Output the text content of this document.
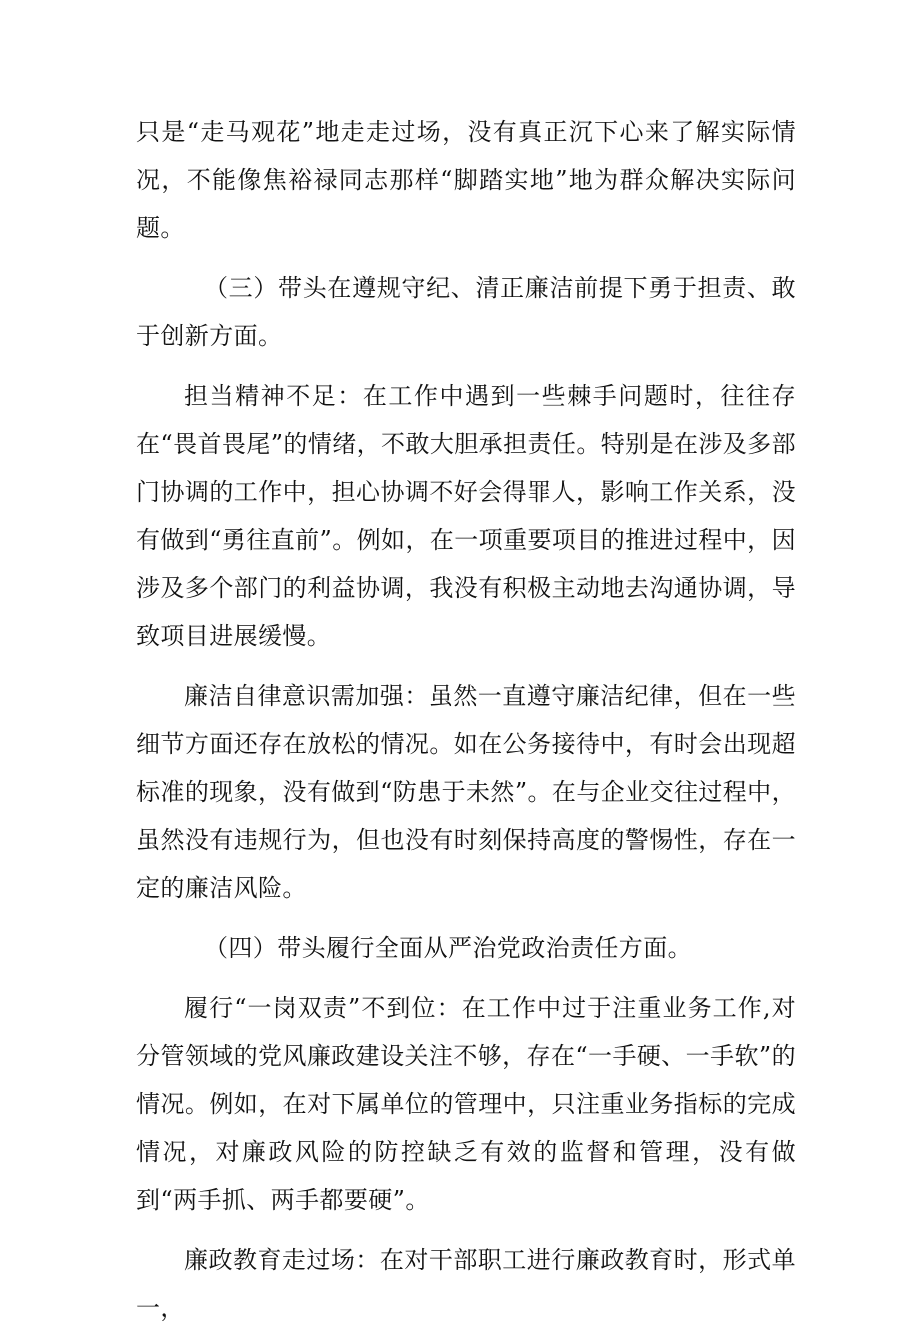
只是“走马观花”地走走过场，没有真正沉下心来了解实际情况，不能像焦裕禄同志那样“脚踏实地”地为群众解决实际问题。

（三）带头在遵规守纪、清正廉洁前提下勇于担责、敢于创新方面。

担当精神不足：在工作中遇到一些棘手问题时，往往存在“畏首畏尾”的情绪，不敢大胆承担责任。特别是在涉及多部门协调的工作中，担心协调不好会得罪人，影响工作关系，没有做到“勇往直前”。例如，在一项重要项目的推进过程中，因涉及多个部门的利益协调，我没有积极主动地去沟通协调，导致项目进展缓慢。

廉洁自律意识需加强：虽然一直遵守廉洁纪律，但在一些细节方面还存在放松的情况。如在公务接待中，有时会出现超标准的现象，没有做到“防患于未然”。在与企业交往过程中，虽然没有违规行为，但也没有时刻保持高度的警惕性，存在一定的廉洁风险。

（四）带头履行全面从严治党政治责任方面。

履行“一岗双责”不到位：在工作中过于注重业务工作,对分管领域的党风廉政建设关注不够，存在“一手硬、一手软”的情况。例如，在对下属单位的管理中，只注重业务指标的完成情况，对廉政风险的防控缺乏有效的监督和管理，没有做到“两手抓、两手都要硬”。

廉政教育走过场：在对干部职工进行廉政教育时，形式单一，
